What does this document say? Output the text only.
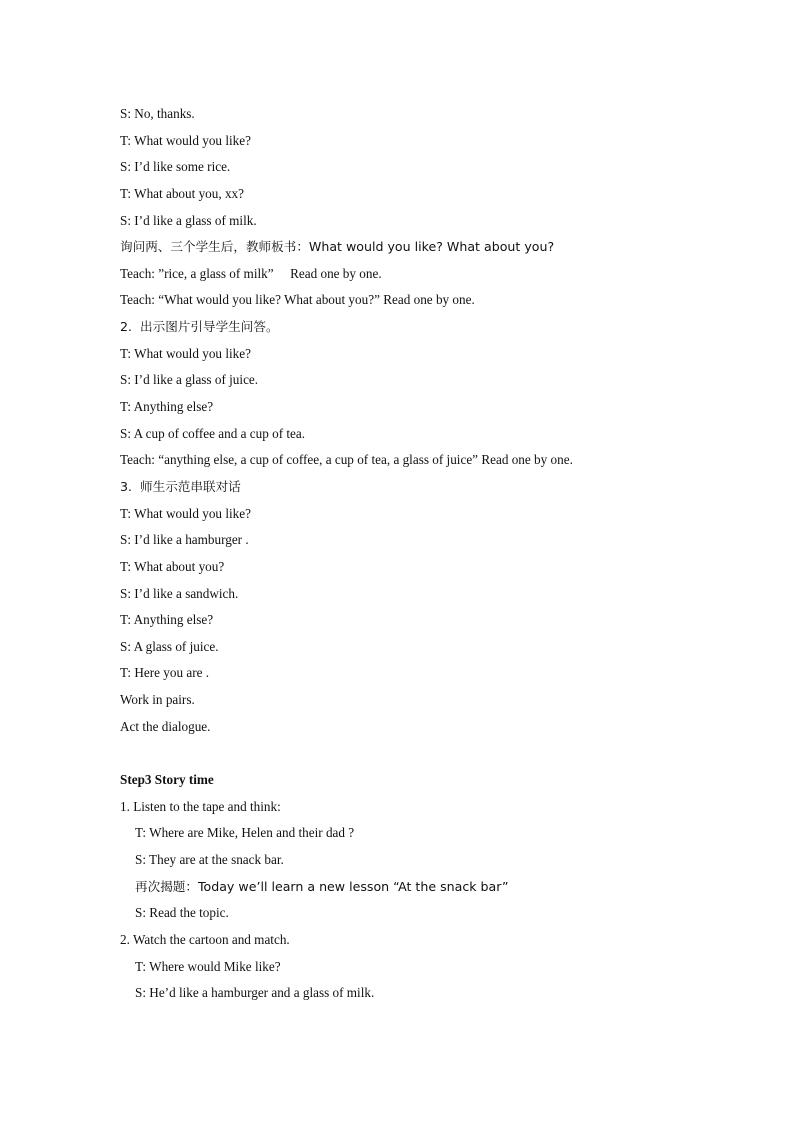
S: No, thanks.
T: What would you like?
S: I’d like some rice.
T: What about you, xx?
S: I’d like a glass of milk.
询问两、三个学生后，教师板书：What would you like? What about you?
Teach: ”rice, a glass of milk”     Read one by one.
Teach: “What would you like? What about you?” Read one by one.
2.  出示图片引导学生问答。
T: What would you like?
S: I’d like a glass of juice.
T: Anything else?
S: A cup of coffee and a cup of tea.
Teach: “anything else, a cup of coffee, a cup of tea, a glass of juice” Read one by one.
3.  师生示范串联对话
T: What would you like?
S: I’d like a hamburger .
T: What about you?
S: I’d like a sandwich.
T: Anything else?
S: A glass of juice.
T: Here you are .
Work in pairs.
Act the dialogue.
Step3 Story time
1. Listen to the tape and think:
T: Where are Mike, Helen and their dad ?
S: They are at the snack bar.
再次揭题：Today we’ll learn a new lesson “At the snack bar”
S: Read the topic.
2. Watch the cartoon and match.
T: Where would Mike like?
S: He’d like a hamburger and a glass of milk.
